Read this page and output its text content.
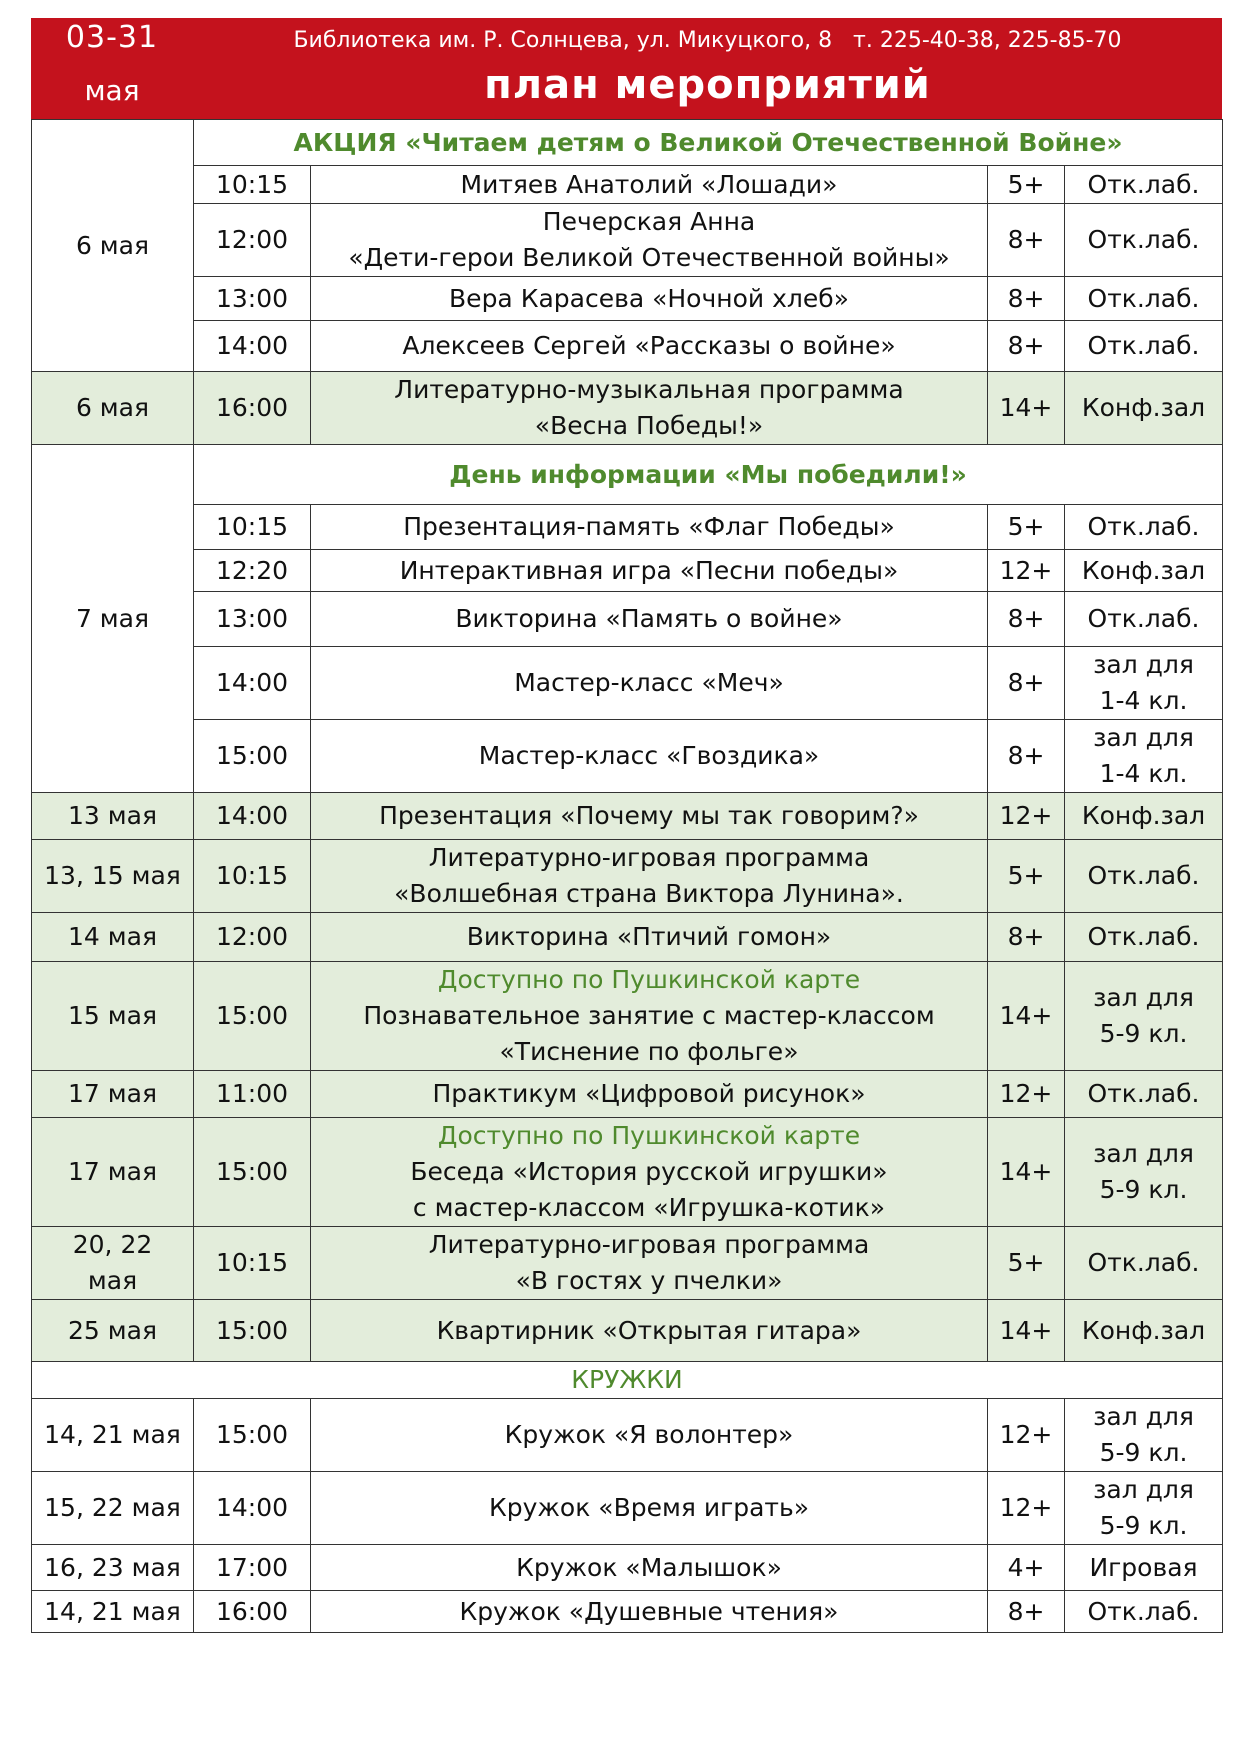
03-31
мая
Библиотека им. Р. Солнцева, ул. Микуцкого, 8   т. 225-40-38, 225-85-70
план мероприятий
6 мая	АКЦИЯ «Читаем детям о Великой Отечественной Войне»			
	10:15	Митяев Анатолий «Лошади»	5+	Отк.лаб.

	12:00	Печерская Анна
«Дети-герои Великой Отечественной войны»	8+	Отк.лаб.

	13:00	Вера Карасева «Ночной хлеб»	8+	Отк.лаб.

	14:00	Алексеев Сергей «Рассказы о войне»	8+	Отк.лаб.

6 мая	16:00	Литературно-музыкальная программа
«Весна Победы!»	14+	Конф.зал

7 мая	День информации «Мы победили!»			
	10:15	Презентация-память «Флаг Победы»	5+	Отк.лаб.

	12:20	Интерактивная игра «Песни победы»	12+	Конф.зал

	13:00	Викторина «Память о войне»	8+	Отк.лаб.

	14:00	Мастер-класс «Меч»	8+	зал для
1-4 кл.

	15:00	Мастер-класс «Гвоздика»	8+	зал для
1-4 кл.

13 мая	14:00	Презентация «Почему мы так говорим?»	12+	Конф.зал

13, 15 мая	10:15	Литературно-игровая программа
«Волшебная страна Виктора Лунина».	5+	Отк.лаб.

14 мая	12:00	Викторина «Птичий гомон»	8+	Отк.лаб.

15 мая	15:00	Доступно по Пушкинской карте
Познавательное занятие с мастер-классом
«Тиснение по фольге»	14+	зал для
5-9 кл.

17 мая	11:00	Практикум «Цифровой рисунок»	12+	Отк.лаб.

17 мая	15:00	Доступно по Пушкинской карте
Беседа «История русской игрушки»
с мастер-классом «Игрушка-котик»	14+	зал для
5-9 кл.

20, 22
мая	10:15	Литературно-игровая программа
«В гостях у пчелки»	5+	Отк.лаб.

25 мая	15:00	Квартирник «Открытая гитара»	14+	Конф.зал

КРУЖКИ				

14, 21 мая	15:00	Кружок «Я волонтер»	12+	зал для
5-9 кл.

15, 22 мая	14:00	Кружок «Время играть»	12+	зал для
5-9 кл.

16, 23 мая	17:00	Кружок «Малышок»	4+	Игровая

14, 21 мая	16:00	Кружок «Душевные чтения»	8+	Отк.лаб.
